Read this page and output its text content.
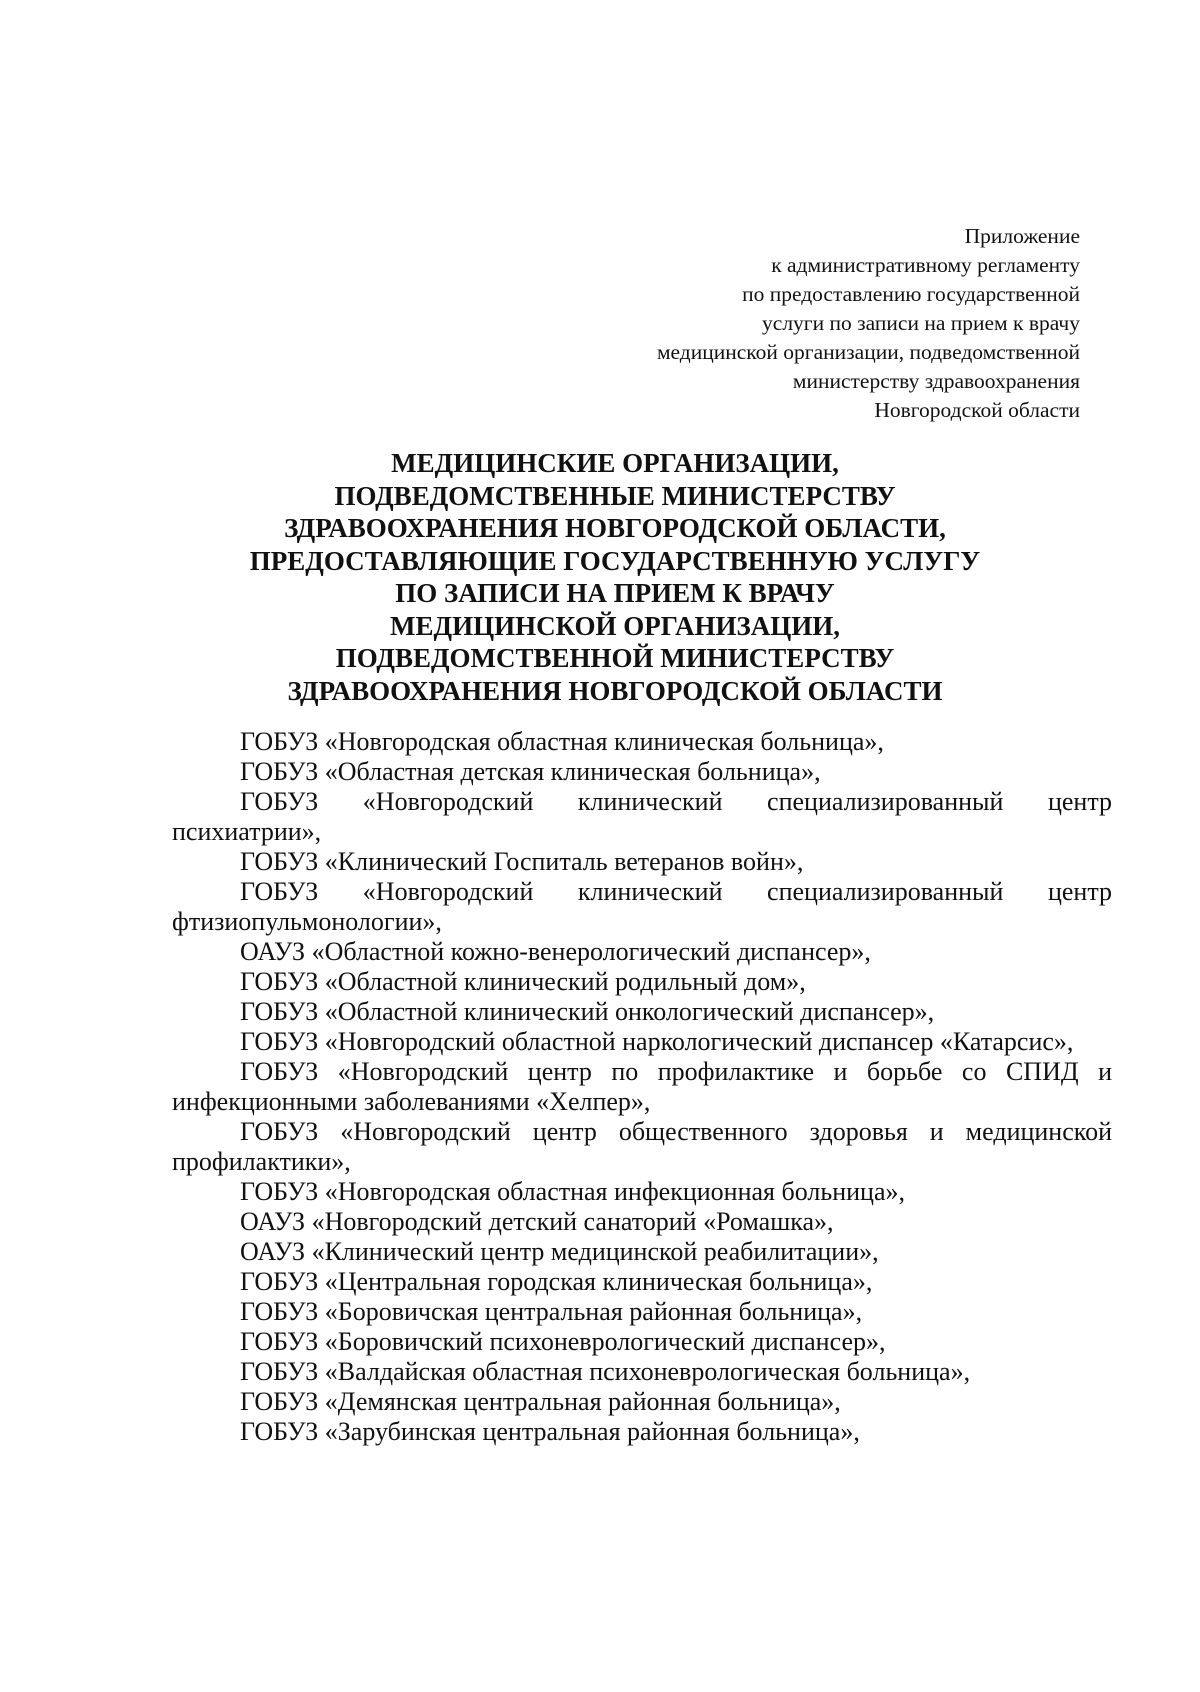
Приложение
к административному регламенту
по предоставлению государственной
услуги по записи на прием к врачу
медицинской организации, подведомственной
министерству здравоохранения
Новгородской области
МЕДИЦИНСКИЕ ОРГАНИЗАЦИИ,
ПОДВЕДОМСТВЕННЫЕ МИНИСТЕРСТВУ
ЗДРАВООХРАНЕНИЯ НОВГОРОДСКОЙ ОБЛАСТИ,
ПРЕДОСТАВЛЯЮЩИЕ ГОСУДАРСТВЕННУЮ УСЛУГУ
ПО ЗАПИСИ НА ПРИЕМ К ВРАЧУ
МЕДИЦИНСКОЙ ОРГАНИЗАЦИИ,
ПОДВЕДОМСТВЕННОЙ МИНИСТЕРСТВУ
ЗДРАВООХРАНЕНИЯ НОВГОРОДСКОЙ ОБЛАСТИ
ГОБУЗ «Новгородская областная клиническая больница»,
ГОБУЗ «Областная детская клиническая больница»,
ГОБУЗ «Новгородский клинический специализированный центр психиатрии»,
ГОБУЗ «Клинический Госпиталь ветеранов войн»,
ГОБУЗ «Новгородский клинический специализированный центр фтизиопульмонологии»,
ОАУЗ «Областной кожно-венерологический диспансер»,
ГОБУЗ «Областной клинический родильный дом»,
ГОБУЗ «Областной клинический онкологический диспансер»,
ГОБУЗ «Новгородский областной наркологический диспансер «Катарсис»,
ГОБУЗ «Новгородский центр по профилактике и борьбе со СПИД и инфекционными заболеваниями «Хелпер»,
ГОБУЗ «Новгородский центр общественного здоровья и медицинской профилактики»,
ГОБУЗ «Новгородская областная инфекционная больница»,
ОАУЗ «Новгородский детский санаторий «Ромашка»,
ОАУЗ «Клинический центр медицинской реабилитации»,
ГОБУЗ «Центральная городская клиническая больница»,
ГОБУЗ «Боровичская центральная районная больница»,
ГОБУЗ «Боровичский психоневрологический диспансер»,
ГОБУЗ «Валдайская областная психоневрологическая больница»,
ГОБУЗ «Демянская центральная районная больница»,
ГОБУЗ «Зарубинская центральная районная больница»,
